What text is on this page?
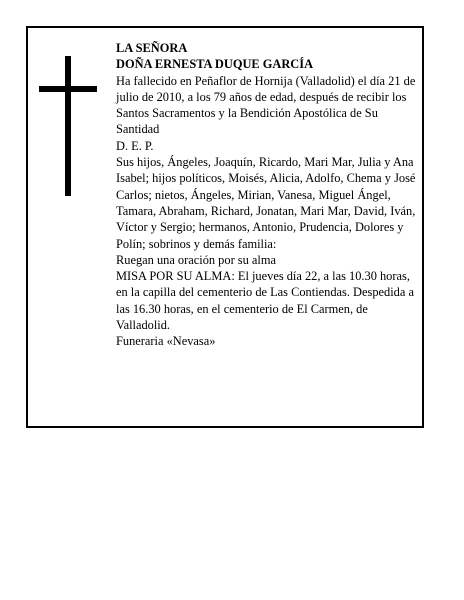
LA SEÑORA

DOÑA ERNESTA DUQUE GARCÍA

Ha fallecido en Peñaflor de Hornija (Valladolid) el día 21 de julio de 2010, a los 79 años de edad, después de recibir los Santos Sacramentos y la Bendición Apostólica de Su Santidad

D. E. P.

Sus hijos, Ángeles, Joaquín, Ricardo, Mari Mar, Julia y Ana Isabel; hijos políticos, Moisés, Alicia, Adolfo, Chema y José Carlos; nietos, Ángeles, Mirian, Vanesa, Miguel Ángel, Tamara, Abraham, Richard, Jonatan, Mari Mar, David, Iván, Víctor y Sergio; hermanos, Antonio, Prudencia, Dolores y Polín; sobrinos y demás familia:

Ruegan una oración por su alma

MISA POR SU ALMA: El jueves día 22, a las 10.30 horas, en la capilla del cementerio de Las Contiendas. Despedida a las 16.30 horas, en el cementerio de El Carmen, de Valladolid.

Funeraria «Nevasa»
